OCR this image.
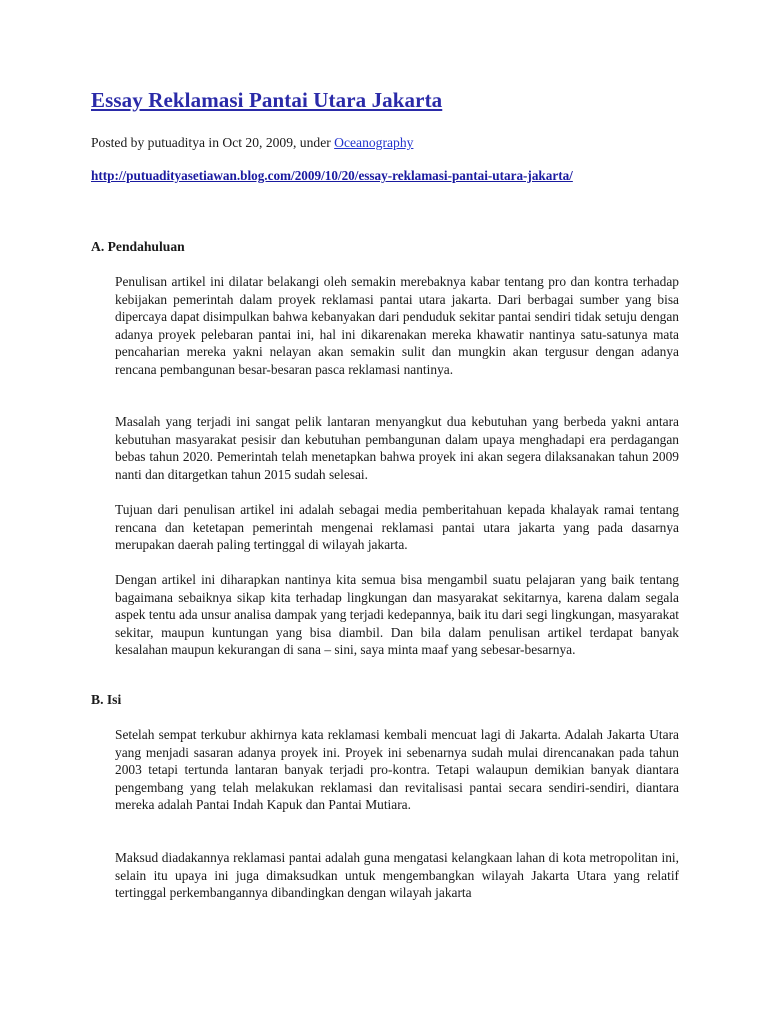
Essay Reklamasi Pantai Utara Jakarta
Posted by putuaditya in Oct 20, 2009, under Oceanography
http://putuadityasetiawan.blog.com/2009/10/20/essay-reklamasi-pantai-utara-jakarta/
A. Pendahuluan

Penulisan artikel ini dilatar belakangi oleh semakin merebaknya kabar tentang pro dan kontra terhadap kebijakan pemerintah dalam proyek reklamasi pantai utara jakarta. Dari berbagai sumber yang bisa dipercaya dapat disimpulkan bahwa kebanyakan dari penduduk sekitar pantai sendiri tidak setuju dengan adanya proyek pelebaran pantai ini, hal ini dikarenakan mereka khawatir nantinya satu-satunya mata pencaharian mereka yakni nelayan akan semakin sulit dan mungkin akan tergusur dengan adanya rencana pembangunan besar-besaran pasca reklamasi nantinya.

Masalah yang terjadi ini sangat pelik lantaran menyangkut dua kebutuhan yang berbeda yakni antara kebutuhan masyarakat pesisir dan kebutuhan pembangunan dalam upaya menghadapi era perdagangan bebas tahun 2020. Pemerintah telah menetapkan bahwa proyek ini akan segera dilaksanakan tahun 2009 nanti dan ditargetkan tahun 2015 sudah selesai.

Tujuan dari penulisan artikel ini adalah sebagai media pemberitahuan kepada khalayak ramai tentang rencana dan ketetapan pemerintah mengenai reklamasi pantai utara jakarta yang pada dasarnya merupakan daerah paling tertinggal di wilayah jakarta.

Dengan artikel ini diharapkan nantinya kita semua bisa mengambil suatu pelajaran yang baik tentang bagaimana sebaiknya sikap kita terhadap lingkungan dan masyarakat sekitarnya, karena dalam segala aspek tentu ada unsur analisa dampak yang terjadi kedepannya, baik itu dari segi lingkungan, masyarakat sekitar, maupun kuntungan yang bisa diambil. Dan bila dalam penulisan artikel terdapat banyak kesalahan maupun kekurangan di sana – sini, saya minta maaf yang sebesar-besarnya.

B. Isi

Setelah sempat terkubur akhirnya kata reklamasi kembali mencuat lagi di Jakarta. Adalah Jakarta Utara yang menjadi sasaran adanya proyek ini. Proyek ini sebenarnya sudah mulai direncanakan pada tahun 2003 tetapi tertunda lantaran banyak terjadi pro-kontra. Tetapi walaupun demikian banyak diantara pengembang yang telah melakukan reklamasi dan revitalisasi pantai secara sendiri-sendiri, diantara mereka adalah Pantai Indah Kapuk dan Pantai Mutiara.

Maksud diadakannya reklamasi pantai adalah guna mengatasi kelangkaan lahan di kota metropolitan ini, selain itu upaya ini juga dimaksudkan untuk mengembangkan wilayah Jakarta Utara yang relatif tertinggal perkembangannya dibandingkan dengan wilayah jakarta
